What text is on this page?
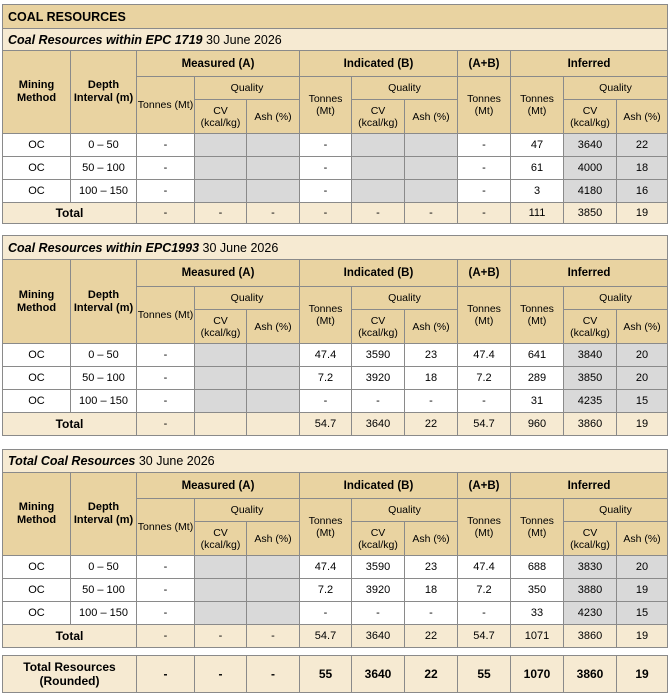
COAL RESOURCES											
Coal Resources within EPC 1719 30 June 2026											
Mining Method	Depth Interval (m)	Measured (A)			Indicated (B)			(A+B)	Inferred		
		Tonnes (Mt)	Quality		Tonnes (Mt)	Quality		Tonnes (Mt)	Tonnes (Mt)	Quality	
			CV (kcal/kg)	Ash (%)		CV (kcal/kg)	Ash (%)			CV (kcal/kg)	Ash (%)
OC	0 – 50	-			-			-	47	3640	22
OC	50 – 100	-			-			-	61	4000	18
OC	100 – 150	-			-			-	3	4180	16
Total		-	-	-	-	-	-	-	111	3850	19
Coal Resources within EPC1993 30 June 2026											
Mining Method	Depth Interval (m)	Measured (A)			Indicated (B)			(A+B)	Inferred		
		Tonnes (Mt)	Quality		Tonnes (Mt)	Quality		Tonnes (Mt)	Tonnes (Mt)	Quality	
			CV (kcal/kg)	Ash (%)		CV (kcal/kg)	Ash (%)			CV (kcal/kg)	Ash (%)
OC	0 – 50	-			47.4	3590	23	47.4	641	3840	20
OC	50 – 100	-			7.2	3920	18	7.2	289	3850	20
OC	100 – 150	-			-	-	-	-	31	4235	15
Total		-			54.7	3640	22	54.7	960	3860	19
Total Coal Resources 30 June 2026											
Mining Method	Depth Interval (m)	Measured (A)			Indicated (B)			(A+B)	Inferred		
		Tonnes (Mt)	Quality		Tonnes (Mt)	Quality		Tonnes (Mt)	Tonnes (Mt)	Quality	
			CV (kcal/kg)	Ash (%)		CV (kcal/kg)	Ash (%)			CV (kcal/kg)	Ash (%)
OC	0 – 50	-			47.4	3590	23	47.4	688	3830	20
OC	50 – 100	-			7.2	3920	18	7.2	350	3880	19
OC	100 – 150	-			-	-	-	-	33	4230	15
Total		-	-	-	54.7	3640	22	54.7	1071	3860	19
Total Resources (Rounded)	-	-	-	55	3640	22	55	1070	3860	19
